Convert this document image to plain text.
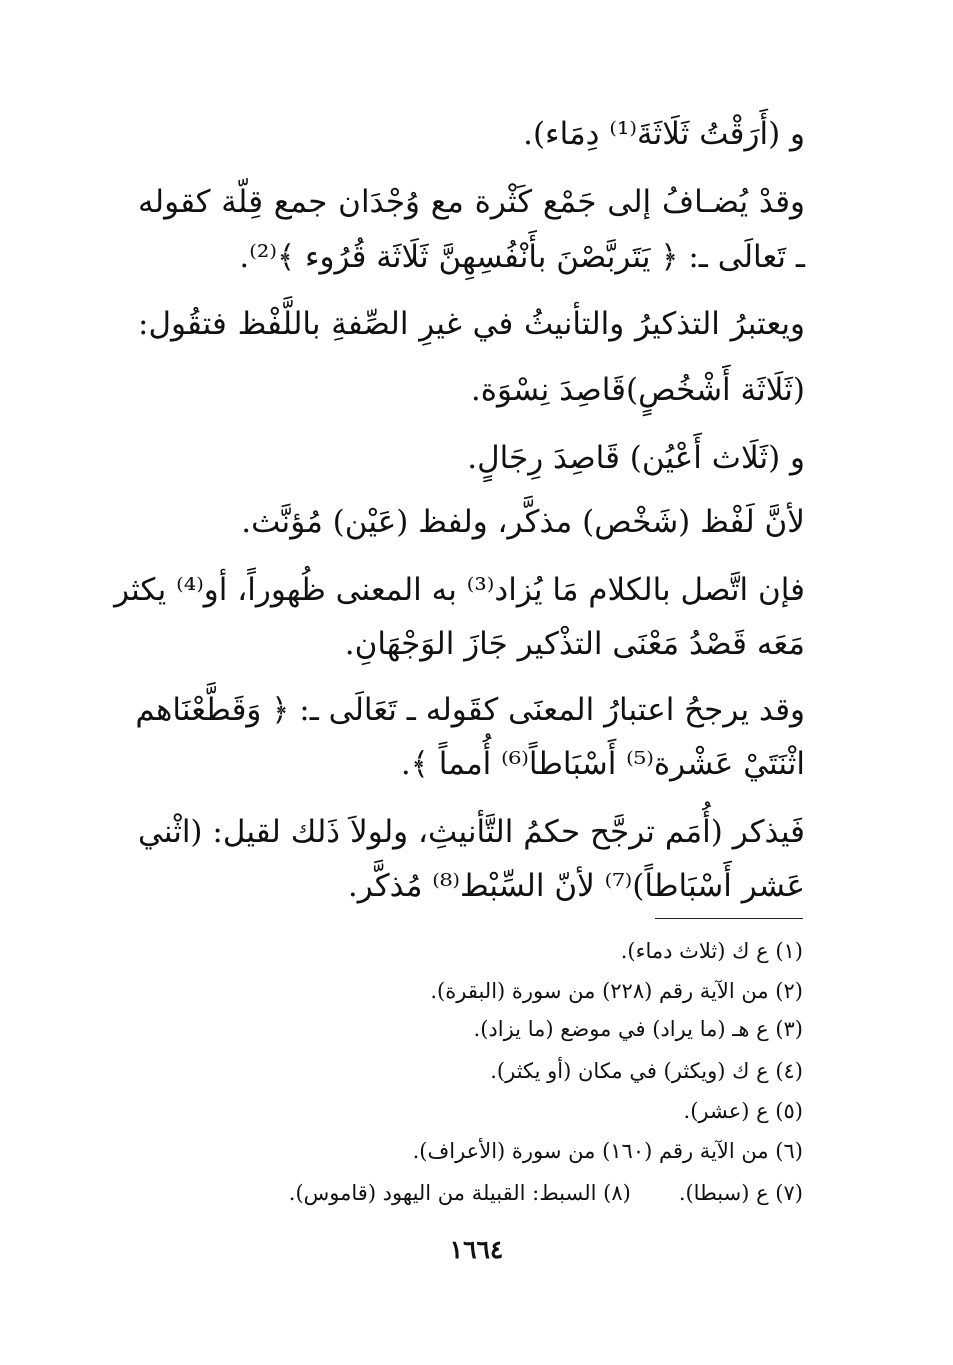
و (أَرَقْتُ ثَلَاثَةَ⁽¹⁾ دِمَاء).
وقدْ يُضـافُ إلى جَمْع كَثْرة مع وُجْدَان جمع قِلّة كقوله
ـ تَعالَى ـ: ﴿ يَتَربَّصْنَ بأَنْفُسِهِنَّ ثَلَاثَة قُرُوء ﴾⁽²⁾.
ويعتبرُ التذكيرُ والتأنيثُ في غيرِ الصِّفةِ باللَّفْظ فتقُول:
(ثَلَاثَة أَشْخُصٍ)قَاصِدَ نِسْوَة.
و (ثَلَاث أَعْيُن) قَاصِدَ رِجَالٍ.
لأنَّ لَفْظ (شَخْص) مذكَّر، ولفظ (عَيْن) مُؤنَّث.
فإن اتَّصل بالكلام مَا يُزاد⁽³⁾ به المعنى ظُهوراً، أو⁽⁴⁾ يكثر
مَعَه قَصْدُ مَعْنَى التذْكير جَازَ الوَجْهَانِ.
وقد يرجحُ اعتبارُ المعنَى كقَوله ـ تَعَالَى ـ: ﴿ وَقَطَّعْنَاهم
اثْنَتَيْ عَشْرة⁽⁵⁾ أَسْبَاطاً⁽⁶⁾ أُمماً ﴾.
فَيذكر (أُمَم ترجَّح حكمُ التَّأنيثِ، ولولاَ ذَلك لقيل: (اثْني
عَشر أَسْبَاطاً)⁽⁷⁾ لأنّ السِّبْط⁽⁸⁾ مُذكَّر.
(١) ع ك (ثلاث دماء).
(٢) من الآية رقم (٢٢٨) من سورة (البقرة).
(٣) ع هـ (ما يراد) في موضع (ما يزاد).
(٤) ع ك (ويكثر) في مكان (أو يكثر).
(٥) ع (عشر).
(٦) من الآية رقم (١٦٠) من سورة (الأعراف).
(٧) ع (سبطا).
(٨) السبط: القبيلة من اليهود (قاموس).
١٦٦٤
